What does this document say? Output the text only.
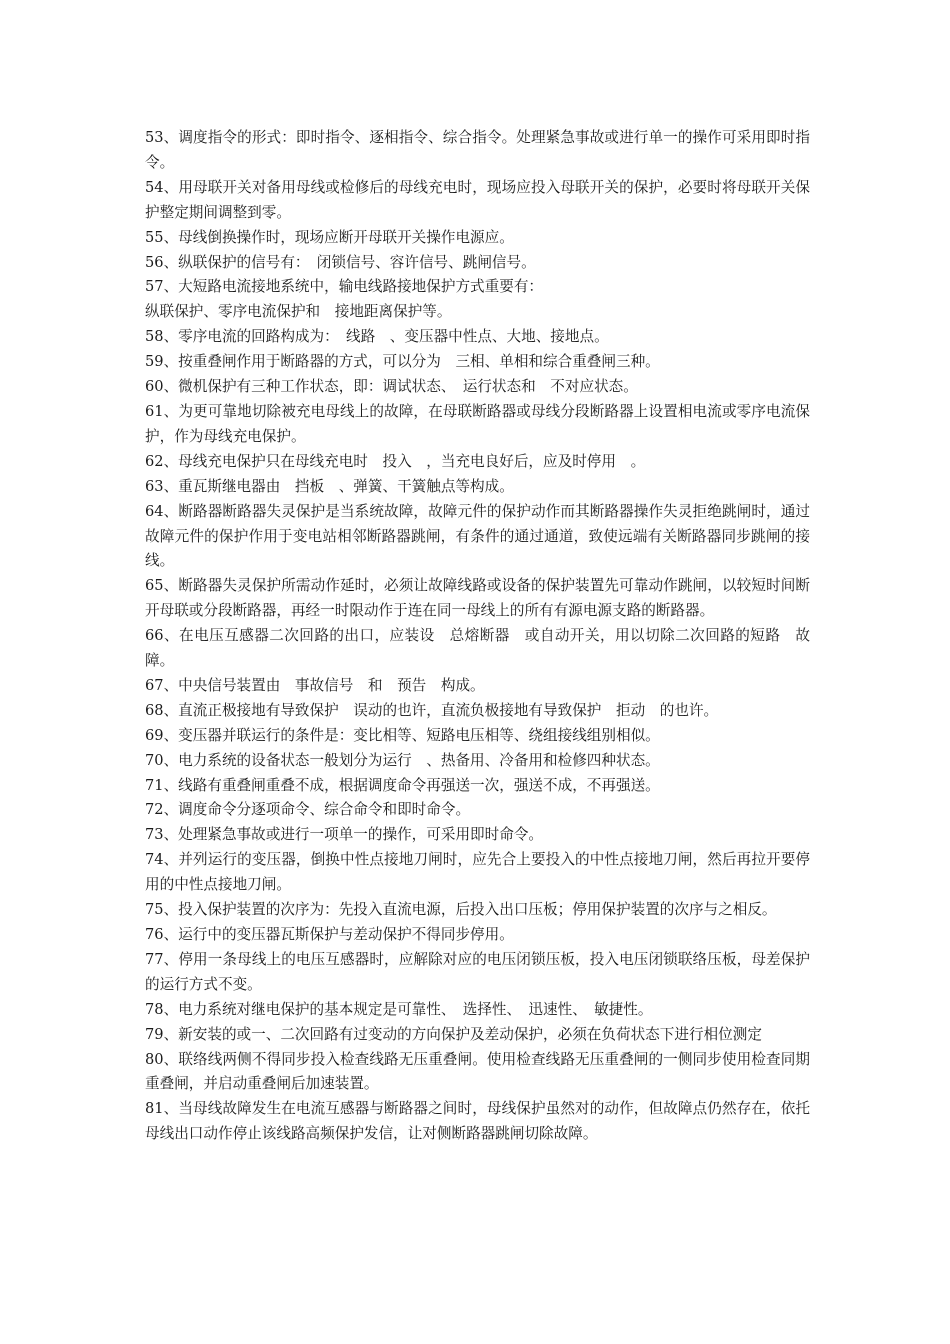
53、调度指令的形式：即时指令、逐相指令、综合指令。处理紧急事故或进行单一的操作可采用即时指令。

54、用母联开关对备用母线或检修后的母线充电时，现场应投入母联开关的保护，必要时将母联开关保护整定期间调整到零。

55、母线倒换操作时，现场应断开母联开关操作电源应。

56、纵联保护的信号有：　闭锁信号、容许信号、跳闸信号。

57、大短路电流接地系统中，输电线路接地保护方式重要有：

纵联保护、零序电流保护和　接地距离保护等。

58、零序电流的回路构成为：　线路　、变压器中性点、大地、接地点。

59、按重叠闸作用于断路器的方式，可以分为　三相、单相和综合重叠闸三种。

60、微机保护有三种工作状态，即：调试状态、　运行状态和　不对应状态。

61、为更可靠地切除被充电母线上的故障，在母联断路器或母线分段断路器上设置相电流或零序电流保护，作为母线充电保护。

62、母线充电保护只在母线充电时　投入　，当充电良好后，应及时停用　。

63、重瓦斯继电器由　挡板　、弹簧、干簧触点等构成。

64、断路器断路器失灵保护是当系统故障，故障元件的保护动作而其断路器操作失灵拒绝跳闸时，通过故障元件的保护作用于变电站相邻断路器跳闸，有条件的通过通道，致使远端有关断路器同步跳闸的接线。

65、断路器失灵保护所需动作延时，必须让故障线路或设备的保护装置先可靠动作跳闸，以较短时间断开母联或分段断路器，再经一时限动作于连在同一母线上的所有有源电源支路的断路器。

66、在电压互感器二次回路的出口，应装设　总熔断器　或自动开关，用以切除二次回路的短路　故障。

67、中央信号装置由　事故信号　和　预告　构成。

68、直流正极接地有导致保护　误动的也许，直流负极接地有导致保护　拒动　的也许。

69、变压器并联运行的条件是：变比相等、短路电压相等、绕组接线组别相似。

70、电力系统的设备状态一般划分为运行　、热备用、冷备用和检修四种状态。

71、线路有重叠闸重叠不成，根据调度命令再强送一次，强送不成，不再强送。

72、调度命令分逐项命令、综合命令和即时命令。

73、处理紧急事故或进行一项单一的操作，可采用即时命令。

74、并列运行的变压器，倒换中性点接地刀闸时，应先合上要投入的中性点接地刀闸，然后再拉开要停用的中性点接地刀闸。

75、投入保护装置的次序为：先投入直流电源，后投入出口压板；停用保护装置的次序与之相反。

76、运行中的变压器瓦斯保护与差动保护不得同步停用。

77、停用一条母线上的电压互感器时，应解除对应的电压闭锁压板，投入电压闭锁联络压板，母差保护的运行方式不变。

78、电力系统对继电保护的基本规定是可靠性、　选择性、　迅速性、　敏捷性。

79、新安装的或一、二次回路有过变动的方向保护及差动保护，必须在负荷状态下进行相位测定

80、联络线两侧不得同步投入检查线路无压重叠闸。使用检查线路无压重叠闸的一侧同步使用检查同期重叠闸，并启动重叠闸后加速装置。

81、当母线故障发生在电流互感器与断路器之间时，母线保护虽然对的动作，但故障点仍然存在，依托母线出口动作停止该线路高频保护发信，让对侧断路器跳闸切除故障。
